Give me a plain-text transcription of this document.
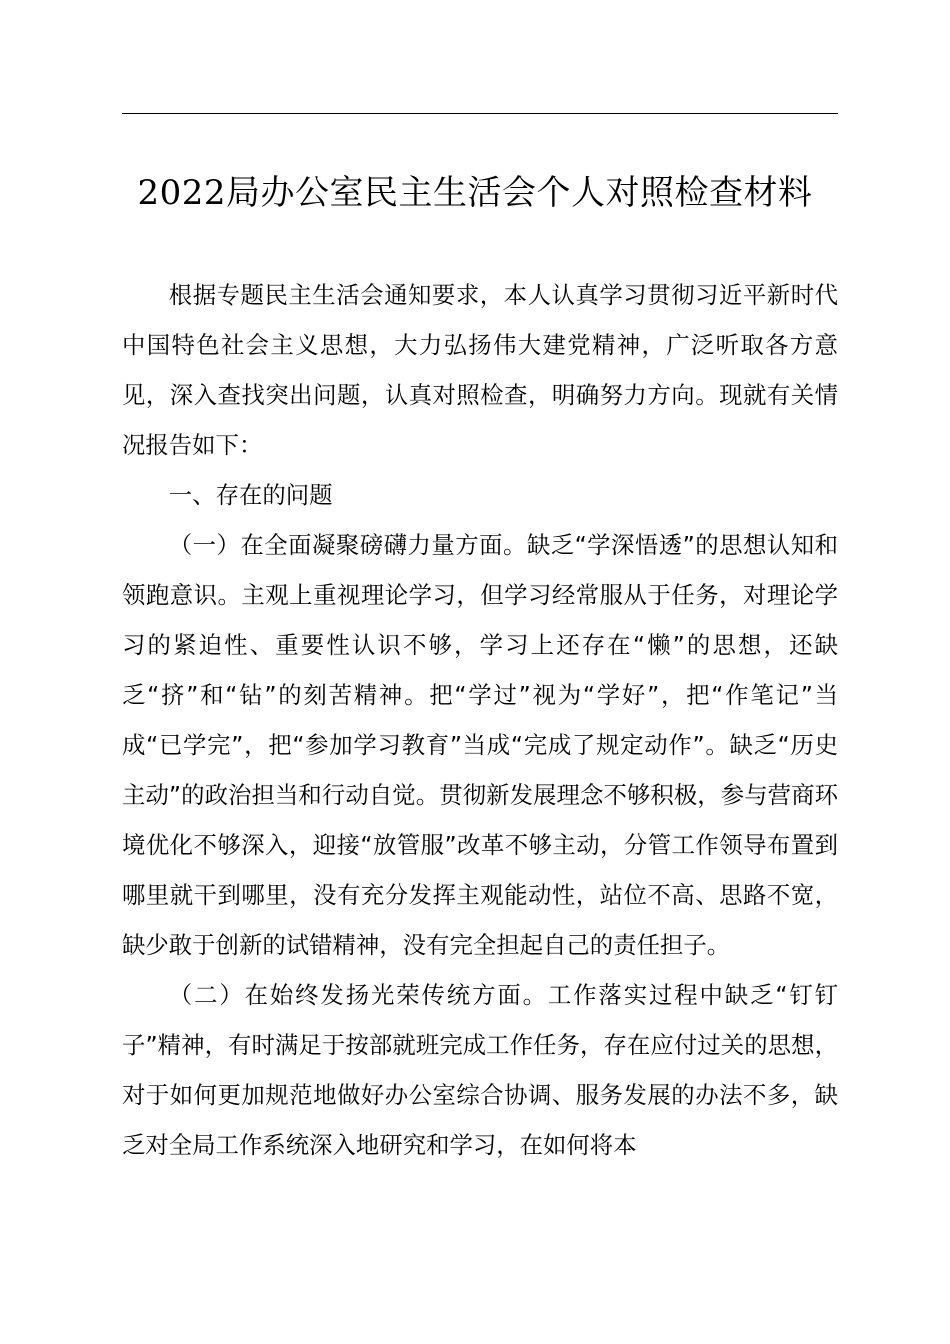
2022局办公室民主生活会个人对照检查材料

根据专题民主生活会通知要求，本人认真学习贯彻习近平新时代中国特色社会主义思想，大力弘扬伟大建党精神，广泛听取各方意见，深入查找突出问题，认真对照检查，明确努力方向。现就有关情况报告如下：

一、存在的问题

（一）在全面凝聚磅礴力量方面。缺乏“学深悟透”的思想认知和领跑意识。主观上重视理论学习，但学习经常服从于任务，对理论学习的紧迫性、重要性认识不够，学习上还存在“懒”的思想，还缺乏“挤”和“钻”的刻苦精神。把“学过”视为“学好”，把“作笔记”当成“已学完”，把“参加学习教育”当成“完成了规定动作”。缺乏“历史主动”的政治担当和行动自觉。贯彻新发展理念不够积极，参与营商环境优化不够深入，迎接“放管服”改革不够主动，分管工作领导布置到哪里就干到哪里，没有充分发挥主观能动性，站位不高、思路不宽，缺少敢于创新的试错精神，没有完全担起自己的责任担子。

（二）在始终发扬光荣传统方面。工作落实过程中缺乏“钉钉子”精神，有时满足于按部就班完成工作任务，存在应付过关的思想，对于如何更加规范地做好办公室综合协调、服务发展的办法不多，缺乏对全局工作系统深入地研究和学习，在如何将本
